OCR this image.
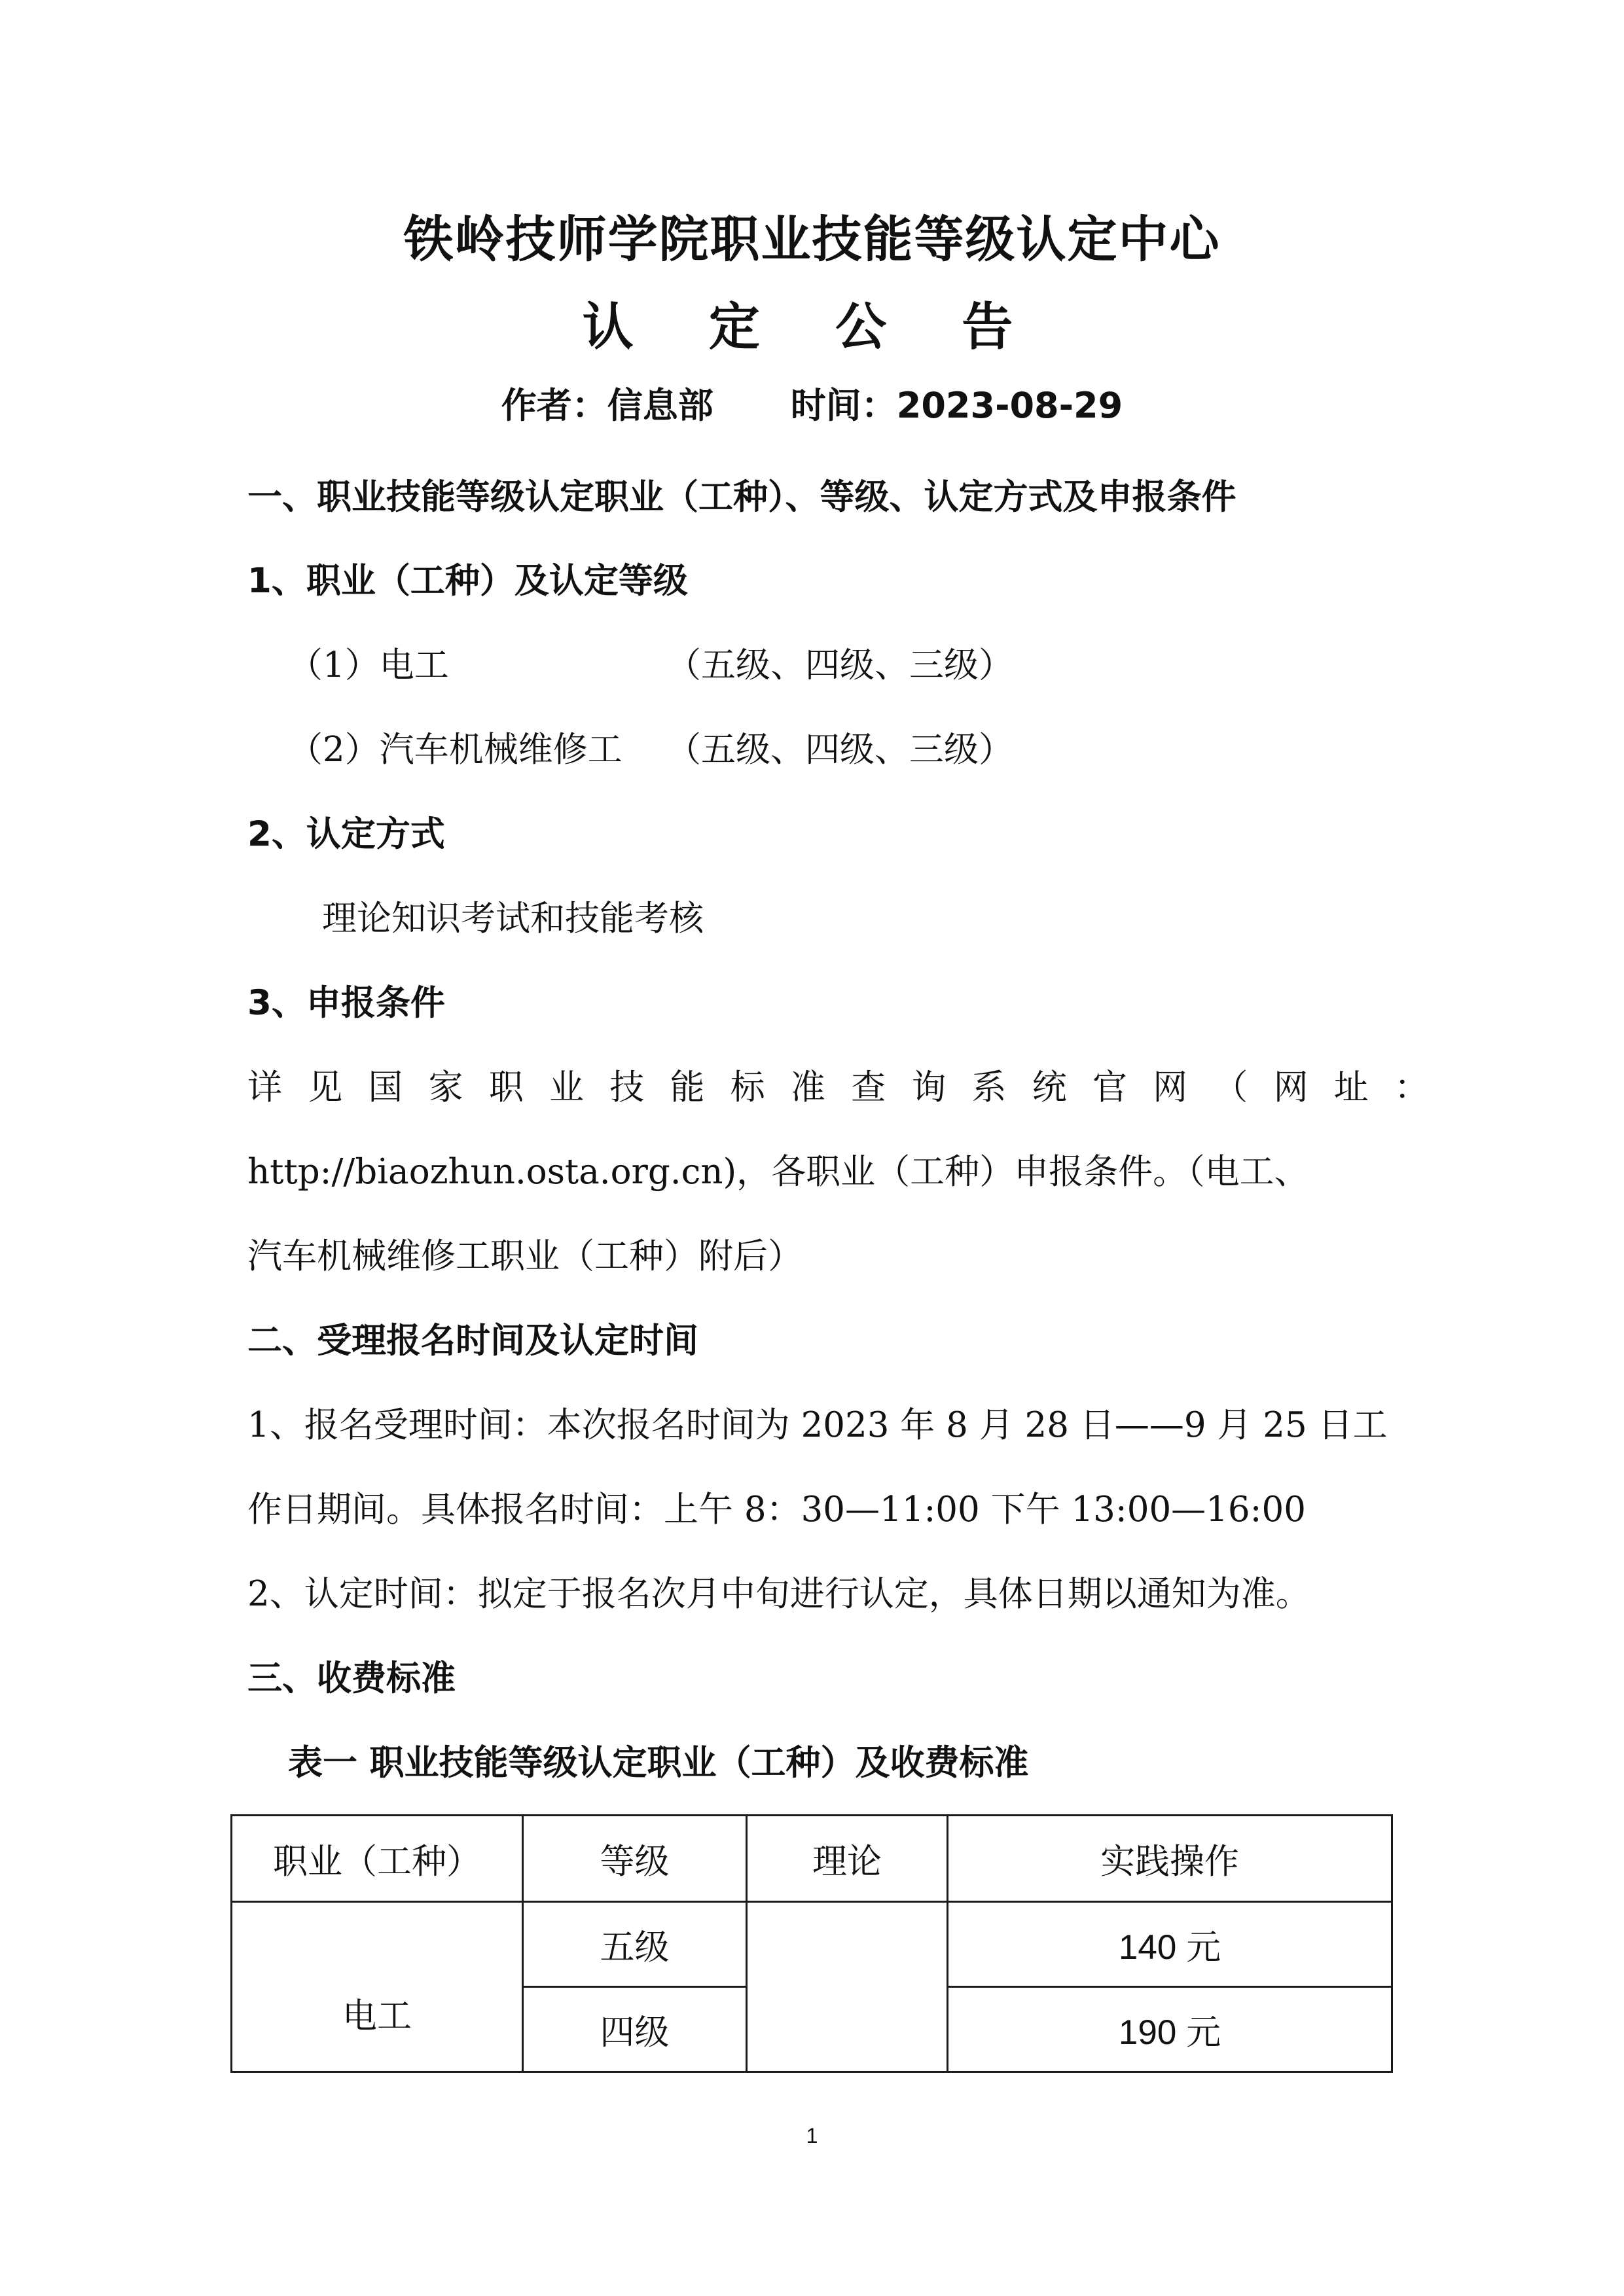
铁岭技师学院职业技能等级认定中心
认 定 公 告
作者：信息部 时间：2023-08-29
一、职业技能等级认定职业（工种）、等级、认定方式及申报条件
1、职业（工种）及认定等级
（1）电工	（五级、四级、三级）
（2）汽车机械维修工 （五级、四级、三级）
2、认定方式
理论知识考试和技能考核
3、申报条件
详见国家职业技能标准查询系统官网（网址：
http://biaozhun.osta.org.cn)，各职业（工种）申报条件。（电工、
汽车机械维修工职业（工种）附后）
二、受理报名时间及认定时间
1、报名受理时间：本次报名时间为 2023 年 8 月 28 日——9 月 25 日工
作日期间。具体报名时间：上午 8：30—11:00 下午 13:00—16:00
2、认定时间：拟定于报名次月中旬进行认定，具体日期以通知为准。
三、收费标准
表一 职业技能等级认定职业（工种）及收费标准
职业（工种）	等级	理论	实践操作
电工	五级		140 元
	四级		190 元
1
